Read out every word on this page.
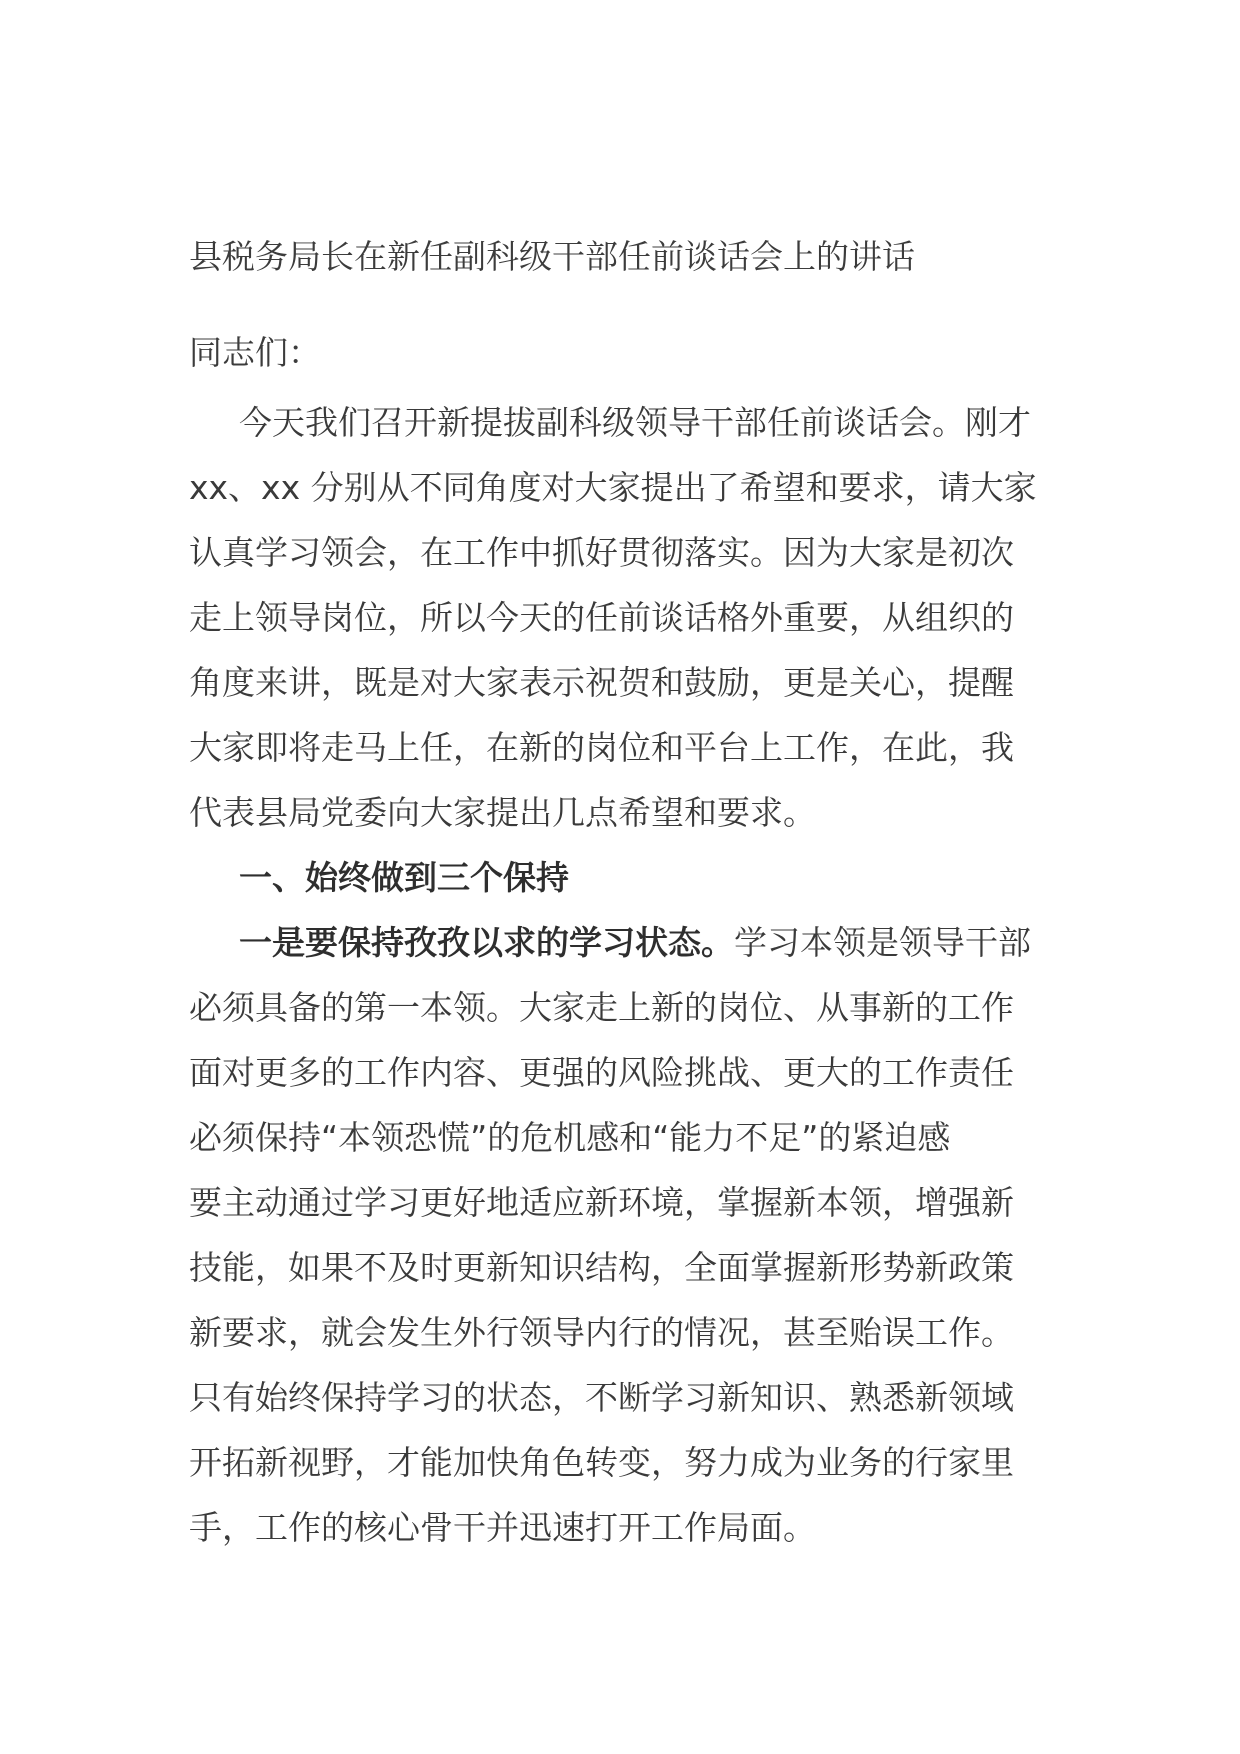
县税务局长在新任副科级干部任前谈话会上的讲话
同志们：
今天我们召开新提拔副科级领导干部任前谈话会。刚才
xx、xx 分别从不同角度对大家提出了希望和要求，请大家
认真学习领会，在工作中抓好贯彻落实。因为大家是初次
走上领导岗位，所以今天的任前谈话格外重要，从组织的
角度来讲，既是对大家表示祝贺和鼓励，更是关心，提醒
大家即将走马上任，在新的岗位和平台上工作，在此，我
代表县局党委向大家提出几点希望和要求。
一、始终做到三个保持
一是要保持孜孜以求的学习状态。学习本领是领导干部
必须具备的第一本领。大家走上新的岗位、从事新的工作
面对更多的工作内容、更强的风险挑战、更大的工作责任
必须保持“本领恐慌”的危机感和“能力不足”的紧迫感
要主动通过学习更好地适应新环境，掌握新本领，增强新
技能，如果不及时更新知识结构，全面掌握新形势新政策
新要求，就会发生外行领导内行的情况，甚至贻误工作。
只有始终保持学习的状态，不断学习新知识、熟悉新领域
开拓新视野，才能加快角色转变，努力成为业务的行家里
手，工作的核心骨干并迅速打开工作局面。
